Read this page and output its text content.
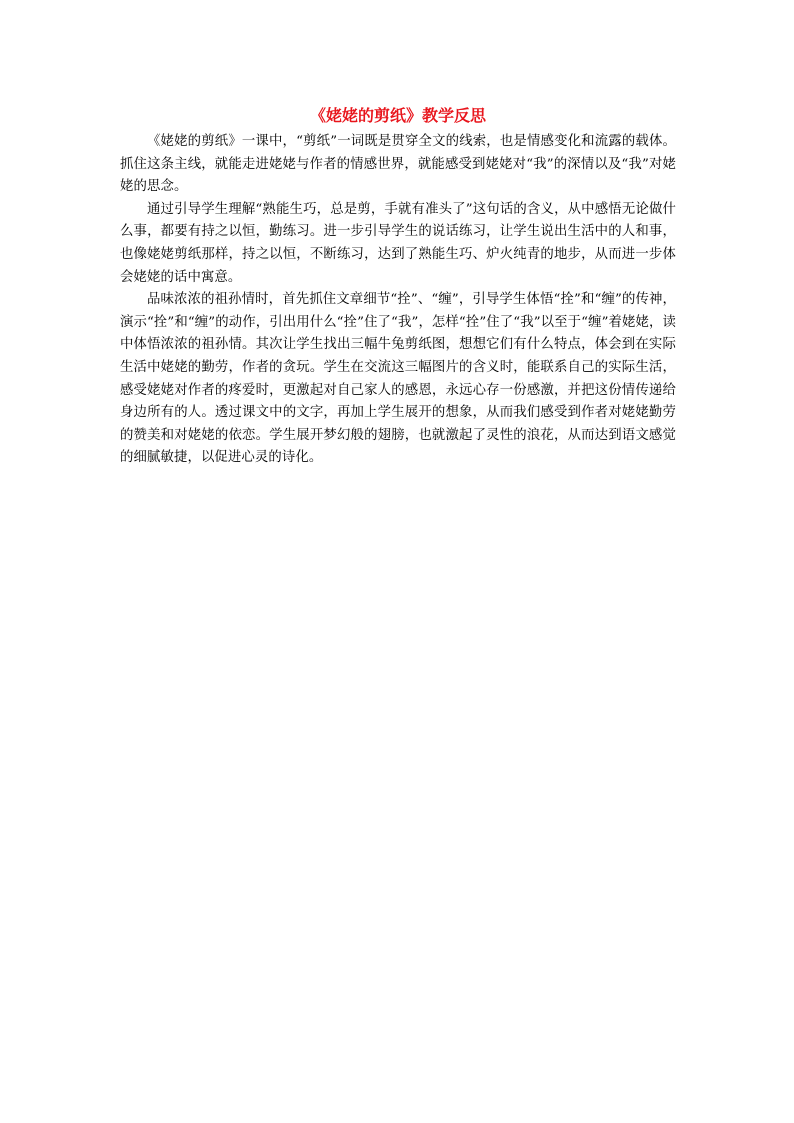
《姥姥的剪纸》教学反思

《姥姥的剪纸》一课中，“剪纸”一词既是贯穿全文的线索，也是情感变化和流露的载体。抓住这条主线，就能走进姥姥与作者的情感世界，就能感受到姥姥对“我”的深情以及“我”对姥姥的思念。

通过引导学生理解“熟能生巧，总是剪，手就有准头了”这句话的含义，从中感悟无论做什么事，都要有持之以恒，勤练习。进一步引导学生的说话练习，让学生说出生活中的人和事，也像姥姥剪纸那样，持之以恒，不断练习，达到了熟能生巧、炉火纯青的地步，从而进一步体会姥姥的话中寓意。

品味浓浓的祖孙情时，首先抓住文章细节“拴”、“缠”，引导学生体悟“拴”和“缠”的传神，演示“拴”和“缠”的动作，引出用什么“拴”住了“我”，怎样“拴”住了“我”以至于“缠”着姥姥，读中体悟浓浓的祖孙情。其次让学生找出三幅牛兔剪纸图，想想它们有什么特点，体会到在实际生活中姥姥的勤劳，作者的贪玩。学生在交流这三幅图片的含义时，能联系自己的实际生活，感受姥姥对作者的疼爱时，更激起对自己家人的感恩，永远心存一份感激，并把这份情传递给身边所有的人。透过课文中的文字，再加上学生展开的想象，从而我们感受到作者对姥姥勤劳的赞美和对姥姥的依恋。学生展开梦幻般的翅膀，也就激起了灵性的浪花，从而达到语文感觉的细腻敏捷，以促进心灵的诗化。
